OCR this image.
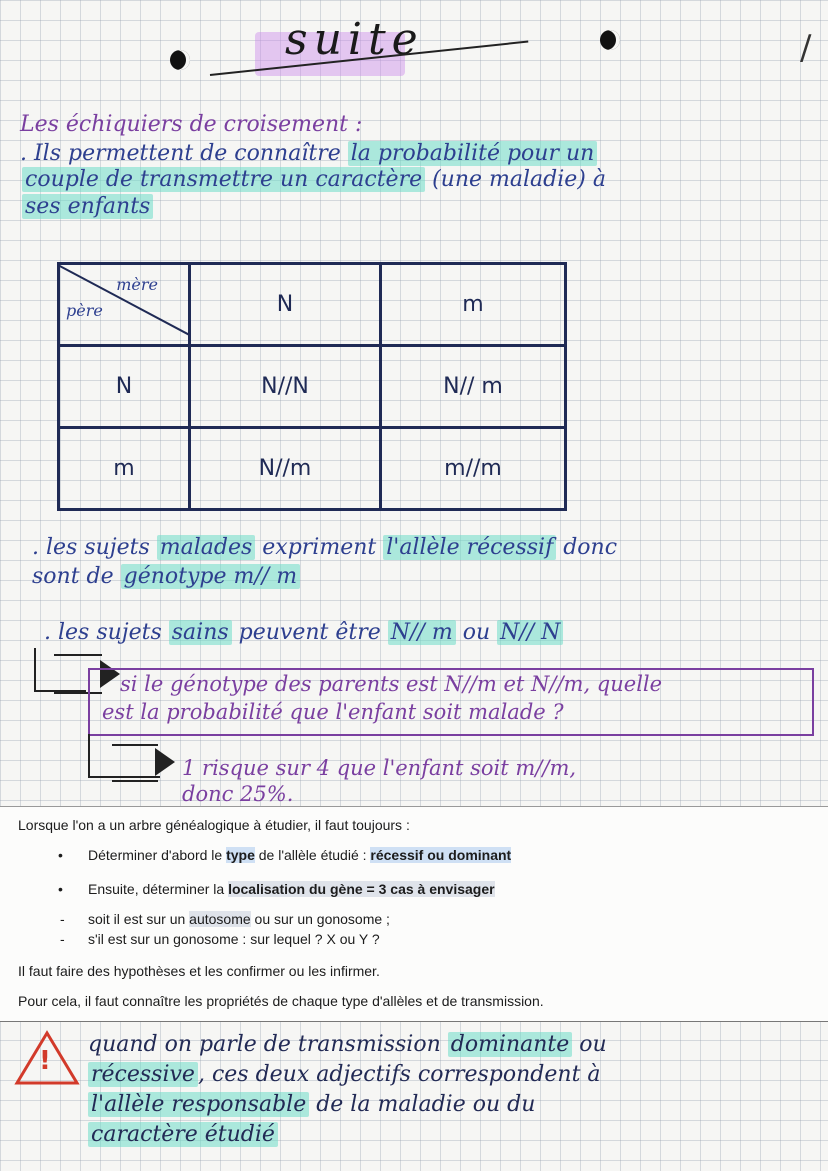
suite	/
Les échiquiers de croisement :
. Ils permettent de connaître la probabilité pour un
couple de transmettre un caractère (une maladie) à
ses enfants
mère
père	N	m
N	N//N	N// m
m	N//m	m//m
. les sujets malades expriment l'allèle récessif donc
sont de génotype m// m
. les sujets sains peuvent être N// m ou N// N
si le génotype des parents est N//m et N//m, quelle
est la probabilité que l'enfant soit malade ?
1 risque sur 4 que l'enfant soit m//m,
donc 25%.
Lorsque l'on a un arbre généalogique à étudier, il faut toujours :
• Déterminer d'abord le type de l'allèle étudié : récessif ou dominant
• Ensuite, déterminer la localisation du gène = 3 cas à envisager
- soit il est sur un autosome ou sur un gonosome ;
- s'il est sur un gonosome : sur lequel ? X ou Y ?
Il faut faire des hypothèses et les confirmer ou les infirmer.
Pour cela, il faut connaître les propriétés de chaque type d'allèles et de transmission.
!
quand on parle de transmission dominante ou
récessive , ces deux adjectifs correspondent à
l'allèle responsable de la maladie ou du
caractère étudié
